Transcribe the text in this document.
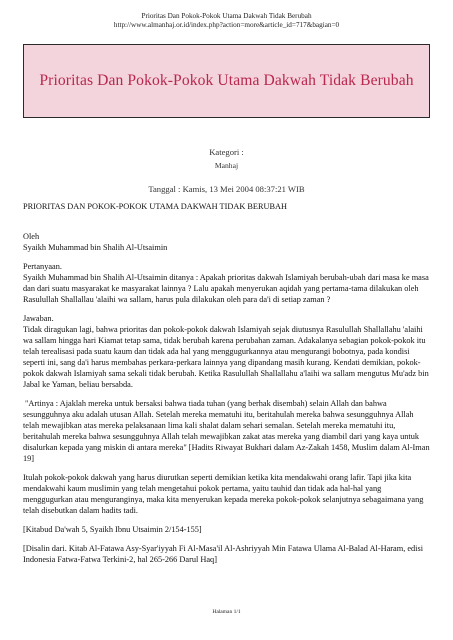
Prioritas Dan Pokok-Pokok Utama Dakwah Tidak Berubah
http://www.almanhaj.or.id/index.php?action=more&article_id=717&bagian=0
Prioritas Dan Pokok-Pokok Utama Dakwah Tidak Berubah
Kategori :
Manhaj
Tanggal : Kamis, 13 Mei 2004 08:37:21 WIB

PRIORITAS DAN POKOK-POKOK UTAMA DAKWAH TIDAK BERUBAH

Oleh

Syaikh Muhammad bin Shalih Al-Utsaimin

Pertanyaan.

Syaikh Muhammad bin Shalih Al-Utsaimin ditanya : Apakah prioritas dakwah Islamiyah berubah-ubah dari masa ke masa dan dari suatu masyarakat ke masyarakat lainnya ? Lalu apakah menyerukan aqidah yang pertama-tama dilakukan oleh Rasulullah Shallallau 'alaihi wa sallam, harus pula dilakukan oleh para da'i di setiap zaman ?

Jawaban.

Tidak diragukan lagi, bahwa prioritas dan pokok-pokok dakwah Islamiyah sejak diutusnya Rasulullah Shallallahu 'alaihi wa sallam hingga hari Kiamat tetap sama, tidak berubah karena perubahan zaman. Adakalanya sebagian pokok-pokok itu telah terealisasi pada suatu kaum dan tidak ada hal yang menggugurkannya atau mengurangi bobotnya, pada kondisi seperti ini, sang da'i harus membahas perkara-perkara lainnya yang dipandang masih kurang. Kendati demikian, pokok-pokok dakwah Islamiyah sama sekali tidak berubah. Ketika Rasulullah Shallallahu a'laihi wa sallam mengutus Mu'adz bin Jabal ke Yaman, beliau bersabda.

"Artinya : Ajaklah mereka untuk bersaksi bahwa tiada tuhan (yang berhak disembah) selain Allah dan bahwa sesungguhnya aku adalah utusan Allah. Setelah mereka mematuhi itu, beritahulah mereka bahwa sesungguhnya Allah telah mewajibkan atas mereka pelaksanaan lima kali shalat dalam sehari semalan. Setelah mereka mematuhi itu, beritahulah mereka bahwa sesungguhnya Allah telah mewajibkan zakat atas mereka yang diambil dari yang kaya untuk disalurkan kepada yang miskin di antara mereka" [Hadits Riwayat Bukhari dalam Az-Zakah 1458, Muslim dalam Al-Iman 19]

Itulah pokok-pokok dakwah yang harus diurutkan seperti demikian ketika kita mendakwahi orang lafir. Tapi jika kita mendakwahi kaum muslimin yang telah mengetahui pokok pertama, yaitu tauhid dan tidak ada hal-hal yang menggugurkan atau menguranginya, maka kita menyerukan kepada mereka pokok-pokok selanjutnya sebagaimana yang telah disebutkan dalam hadits tadi.

[Kitabud Da'wah 5, Syaikh Ibnu Utsaimin 2/154-155]

[Disalin dari. Kitab Al-Fatawa Asy-Syar'iyyah Fi Al-Masa'il Al-Ashriyyah Min Fatawa Ulama Al-Balad Al-Haram, edisi Indonesia Fatwa-Fatwa Terkini-2, hal 265-266 Darul Haq]

Halaman 1/1
